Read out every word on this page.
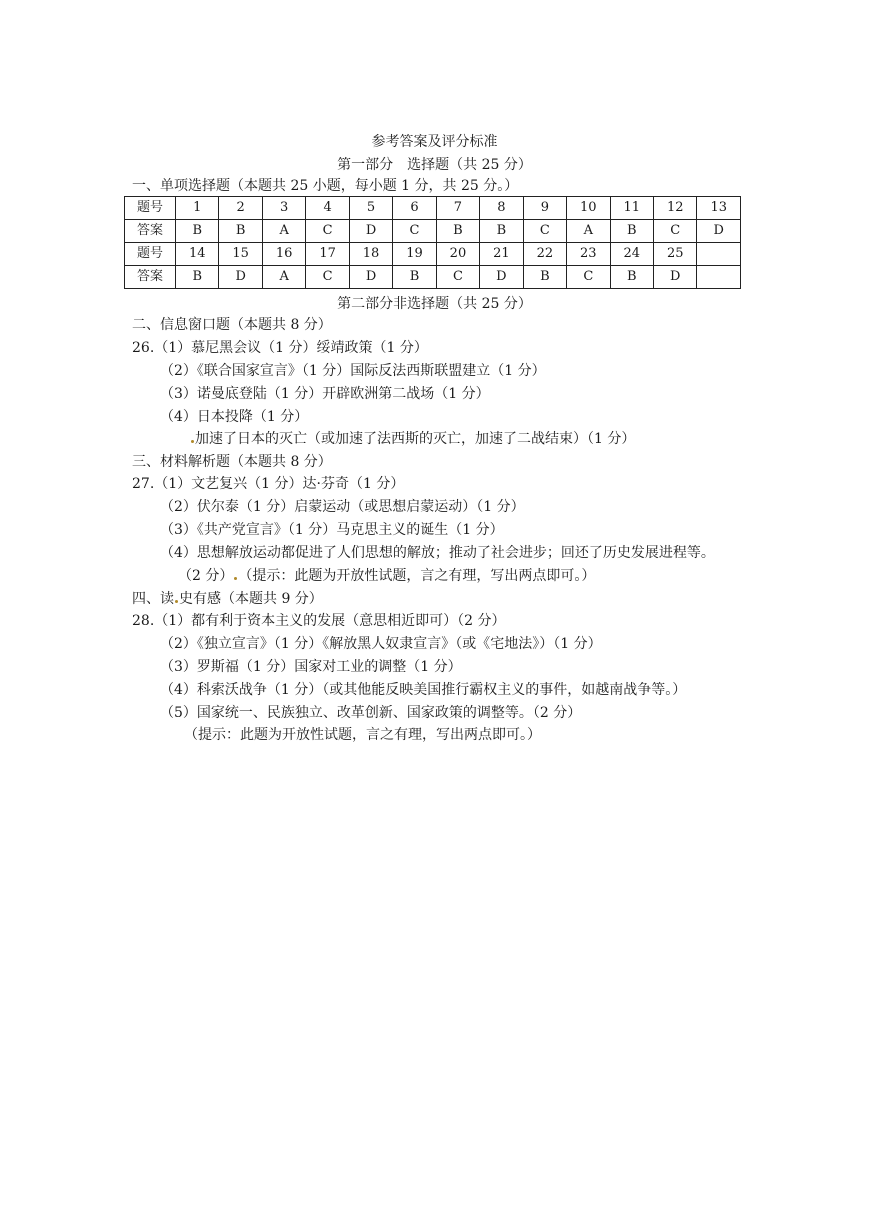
参考答案及评分标准
第一部分　选择题（共 25 分）
一、单项选择题（本题共 25 小题，每小题 1 分，共 25 分。）
题号	1	2	3	4	5	6	7	8	9	10	11	12	13
答案	B	B	A	C	D	C	B	B	C	A	B	C	D
题号	14	15	16	17	18	19	20	21	22	23	24	25	
答案	B	D	A	C	D	B	C	D	B	C	B	D	
第二部分非选择题（共 25 分）
二、信息窗口题（本题共 8 分）
26.（1）慕尼黑会议（1 分）绥靖政策（1 分）
（2）《联合国家宣言》（1 分）国际反法西斯联盟建立（1 分）
（3）诺曼底登陆（1 分）开辟欧洲第二战场（1 分）
（4）日本投降（1 分）
加速了日本的灭亡（或加速了法西斯的灭亡，加速了二战结束）（1 分）
三、材料解析题（本题共 8 分）
27.（1）文艺复兴（1 分）达·芬奇（1 分）
（2）伏尔泰（1 分）启蒙运动（或思想启蒙运动）（1 分）
（3）《共产党宣言》（1 分）马克思主义的诞生（1 分）
（4）思想解放运动都促进了人们思想的解放；推动了社会进步；回还了历史发展进程等。
（2 分） （提示：此题为开放性试题，言之有理，写出两点即可。）
四、读 史有感（本题共 9 分）
28.（1）都有利于资本主义的发展（意思相近即可）（2 分）
（2）《独立宣言》（1 分）《解放黑人奴隶宣言》（或《宅地法》）（1 分）
（3）罗斯福（1 分）国家对工业的调整（1 分）
（4）科索沃战争（1 分）（或其他能反映美国推行霸权主义的事件，如越南战争等。）
（5）国家统一、民族独立、改革创新、国家政策的调整等。（2 分）
（提示：此题为开放性试题，言之有理，写出两点即可。）
